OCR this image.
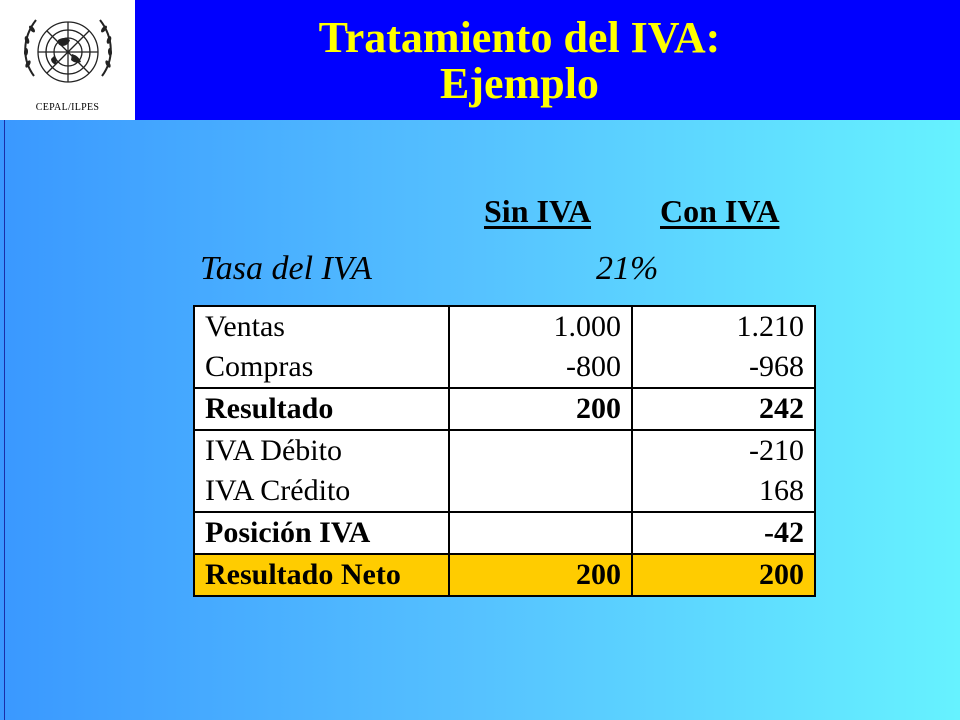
CEPAL/ILPES
Tratamiento del IVA:
Ejemplo
Sin IVA Con IVA
Tasa del IVA	21%
Ventas	1.000	1.210
Compras	-800	-968
Resultado	200	242
IVA Débito		-210
IVA Crédito		168
Posición IVA		-42
Resultado Neto	200	200
